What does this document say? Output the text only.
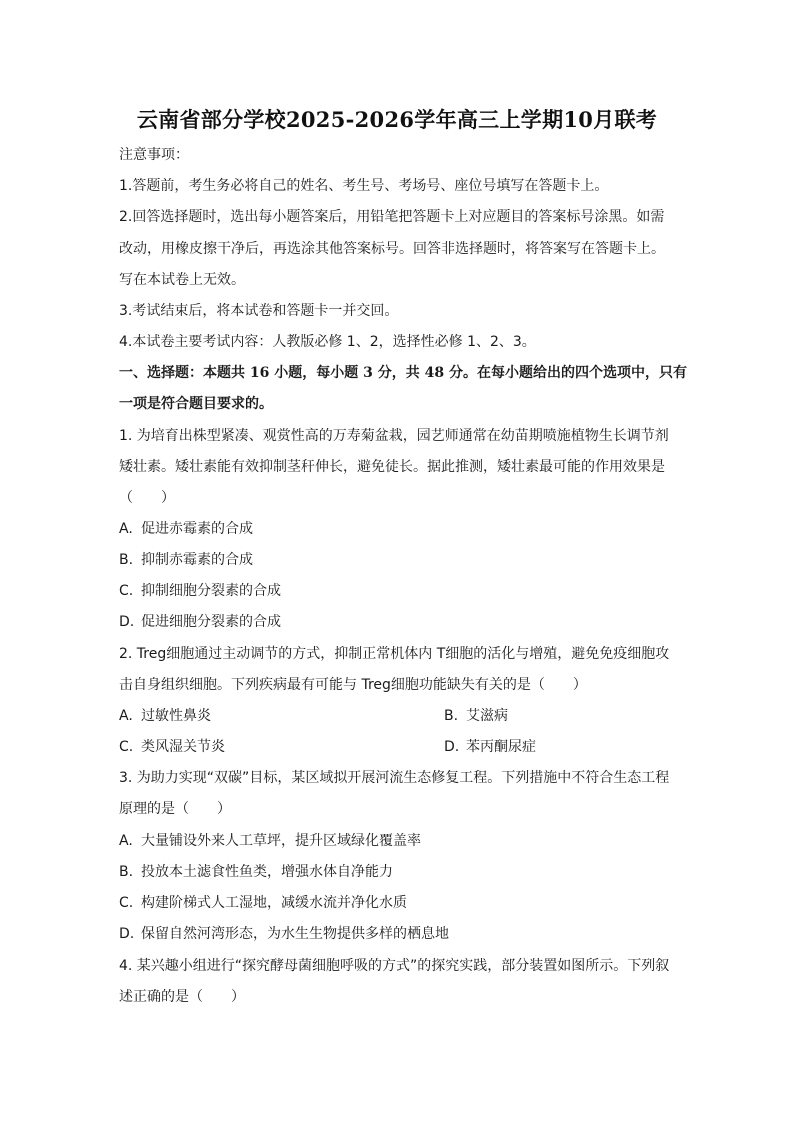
云南省部分学校2025-2026学年高三上学期10月联考
注意事项：
1.答题前，考生务必将自己的姓名、考生号、考场号、座位号填写在答题卡上。
2.回答选择题时，选出每小题答案后，用铅笔把答题卡上对应题目的答案标号涂黑。如需
改动，用橡皮擦干净后，再选涂其他答案标号。回答非选择题时，将答案写在答题卡上。
写在本试卷上无效。
3.考试结束后，将本试卷和答题卡一并交回。
4.本试卷主要考试内容：人教版必修 1、2，选择性必修 1、2、3。
一、选择题：本题共 16 小题，每小题 3 分，共 48 分。在每小题给出的四个选项中，只有
一项是符合题目要求的。
1. 为培育出株型紧凑、观赏性高的万寿菊盆栽，园艺师通常在幼苗期喷施植物生长调节剂
矮壮素。矮壮素能有效抑制茎秆伸长，避免徒长。据此推测，矮壮素最可能的作用效果是
（　　）
A. 促进赤霉素的合成
B. 抑制赤霉素的合成
C. 抑制细胞分裂素的合成
D. 促进细胞分裂素的合成
2. Treg细胞通过主动调节的方式，抑制正常机体内 T细胞的活化与增殖，避免免疫细胞攻
击自身组织细胞。下列疾病最有可能与 Treg细胞功能缺失有关的是（　　）
A. 过敏性鼻炎	B. 艾滋病
C. 类风湿关节炎	D. 苯丙酮尿症
3. 为助力实现“双碳”目标，某区域拟开展河流生态修复工程。下列措施中不符合生态工程
原理的是（　　）
A. 大量铺设外来人工草坪，提升区域绿化覆盖率
B. 投放本土滤食性鱼类，增强水体自净能力
C. 构建阶梯式人工湿地，减缓水流并净化水质
D. 保留自然河湾形态，为水生生物提供多样的栖息地
4. 某兴趣小组进行“探究酵母菌细胞呼吸的方式”的探究实践，部分装置如图所示。下列叙
述正确的是（　　）
